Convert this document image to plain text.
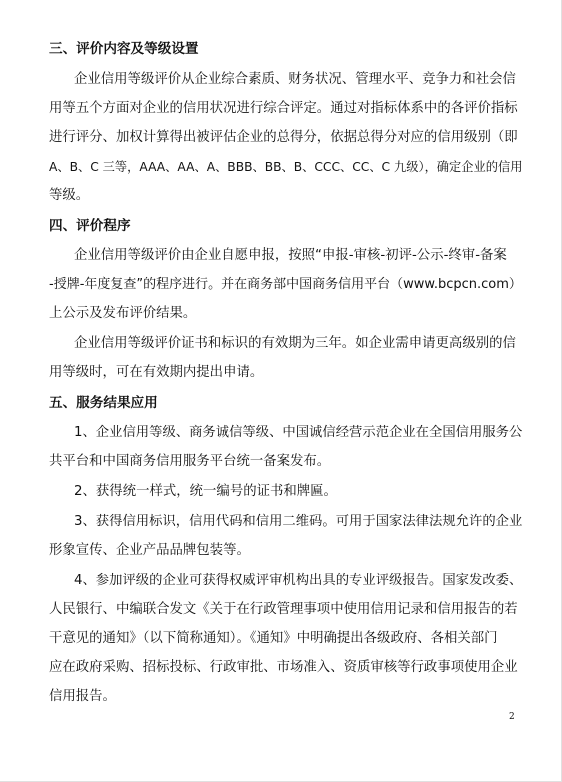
三、评价内容及等级设置
企业信用等级评价从企业综合素质、财务状况、管理水平、竞争力和社会信
用等五个方面对企业的信用状况进行综合评定。通过对指标体系中的各评价指标
进行评分、加权计算得出被评估企业的总得分，依据总得分对应的信用级别（即
A、B、C 三等，AAA、AA、A、BBB、BB、B、CCC、CC、C 九级），确定企业的信用
等级。
四、评价程序
企业信用等级评价由企业自愿申报，按照“申报-审核-初评-公示-终审-备案
-授牌-年度复查”的程序进行。并在商务部中国商务信用平台（www.bcpcn.com）
上公示及发布评价结果。
企业信用等级评价证书和标识的有效期为三年。如企业需申请更高级别的信
用等级时，可在有效期内提出申请。
五、服务结果应用
1、企业信用等级、商务诚信等级、中国诚信经营示范企业在全国信用服务公
共平台和中国商务信用服务平台统一备案发布。
2、获得统一样式，统一编号的证书和牌匾。
3、获得信用标识，信用代码和信用二维码。可用于国家法律法规允许的企业
形象宣传、企业产品品牌包装等。
4、参加评级的企业可获得权威评审机构出具的专业评级报告。国家发改委、
人民银行、中编联合发文《关于在行政管理事项中使用信用记录和信用报告的若
干意见的通知》（以下简称通知）。《通知》中明确提出各级政府、各相关部门
应在政府采购、招标投标、行政审批、市场准入、资质审核等行政事项使用企业
信用报告。
2
